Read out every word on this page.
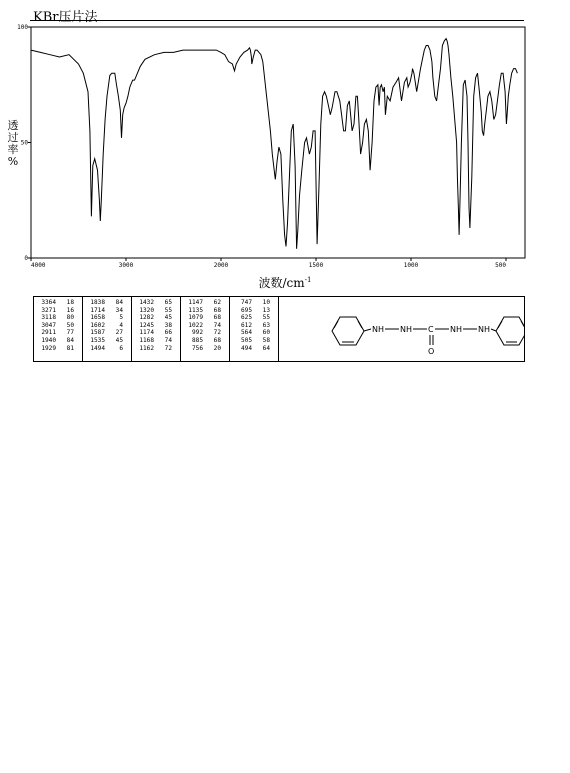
KBr压片法
4000	3000	2000	1500	1000	500
0
50
100
透
过
率
%
波数$/cm^{-1}$
3364	18
3271	16
3118	80
3047	50
2911	77
1940	84
1929	81
1838	84
1714	34
1658	5
1602	4
1587	27
1535	45
1494	6
1432	65
1320	55
1282	45
1245	38
1174	66
1168	74
1162	72
1147	62
1135	68
1079	68
1022	74
992	72
885	68
756	20
747	10
695	13
625	55
612	63
564	60
505	58
494	64
NH NH C
O
NH NH
